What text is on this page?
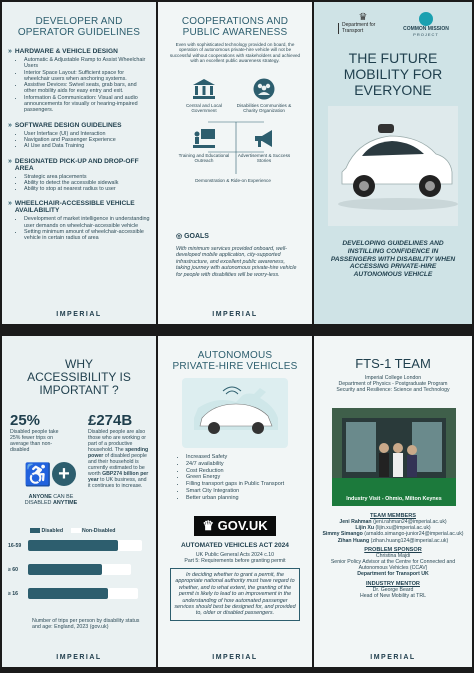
DEVELOPER AND
OPERATOR GUIDELINES
» HARDWARE & VEHICLE DESIGN
• Automatic & Adjustable Ramp to Assist Wheelchair Users
• Interior Space Layout: Sufficient space for wheelchair users when anchoring systems.
• Assistive Devices: Swivel seats, grab bars, and other mobility aids for easy entry and exit.
• Information & Communication: Visual and audio announcements for visually or hearing-impaired passengers.
» SOFTWARE DESIGN GUIDELINES
• User Interface (UI) and Interaction
• Navigation and Passenger Experience
• AI Use and Data Training
» DESIGNATED PICK-UP AND DROP-OFF AREA
• Strategic area placements
• Ability to detect the accessible sidewalk
• Ability to stop at nearest radius to user
» WHEELCHAIR-ACCESSIBLE VEHICLE AVAILABILITY
• Development of market intelligence in understanding user demands on wheelchair-accessible vehicle
• Setting minimum amount of wheelchair-accessible vehicle in certain radius of area
IMPERIAL
COOPERATIONS AND
PUBLIC AWARENESS
Even with sophisticated technology provided on board, the operation of autonomous private-hire vehicle will not be successful without cooperations with stakeholders and achieved with an excellent public awareness strategy.
Central and Local Government
Disabilities Communities & Charity Organization
Training and Educational Outreach
Advertisement & Success Stories
Demonstration & Ride-on Experience
◎ GOALS
With minimum services provided onboard, well-developed mobile application, city-supported infrastructure, and excellent public awareness, taking journey with autonomous private-hire vehicle for people with disabilities will be worry-less.
IMPERIAL
♛
Department for Transport	COMMON MISSION
PROJECT
THE FUTURE
MOBILITY FOR
EVERYONE
DEVELOPING GUIDELINES AND INSTILLING CONFIDENCE IN PASSENGERS WITH DISABILITY WHEN ACCESSING PRIVATE-HIRE AUTONOMOUS VEHICLE
WHY
ACCESSIBILITY IS
IMPORTANT ?
25%
Disabled people take 25% fewer trips on average than non-disabled
£274B
Disabled people are also those who are working or part of a productive household. The spending power of disabled people and their household is currently estimated to be worth GBP274 billion per year to UK business, and it continues to increase.
♿ +
ANYONE CAN BE DISABLED ANYTIME
Disabled	Non-Disabled
16-59
≥ 60
≥ 16
Number of trips per person by disability status and age: England, 2023 (gov.uk)
IMPERIAL
AUTONOMOUS
PRIVATE-HIRE VEHICLES
• Increased Safety
• 24/7 availability
• Cost Reduction
• Green Energy
• Filling transport gaps in Public Transport
• Smart City Integration
• Better urban planning
♛ GOV.UK
AUTOMATED VEHICLES ACT 2024
UK Public General Acts 2024 c.10
Part 5: Requirements before granting permit
In deciding whether to grant a permit, the appropriate national authority must have regard to whether, and to what extent, the granting of the permit is likely to lead to an improvement in the understanding of how automated passenger services should best be designed for, and provided to, older or disabled passengers.
IMPERIAL
FTS-1 TEAM
Imperial College London
Department of Physics - Postgraduate Program
Security and Resilience: Science and Technology
Industry Visit - Ohmio, Milton Keynes
TEAM MEMBERS
Jeni Rahman (jeni.rahman24@imperial.ac.uk)
Lijin Xu (lijin.xu@imperial.ac.uk)
Simmy Simango (arnaldo.simango-junior24@imperial.ac.uk)
Zihan Huang (zihan.huang124@imperial.ac.uk)
PROBLEM SPONSOR
Christina Majdi
Senior Policy Advisor at the Centre for Connected and Autonomous Vehicles (CCAV)
Department for Transport UK
INDUSTRY MENTOR
Dr. George Beard
Head of New Mobility at TRL
IMPERIAL
